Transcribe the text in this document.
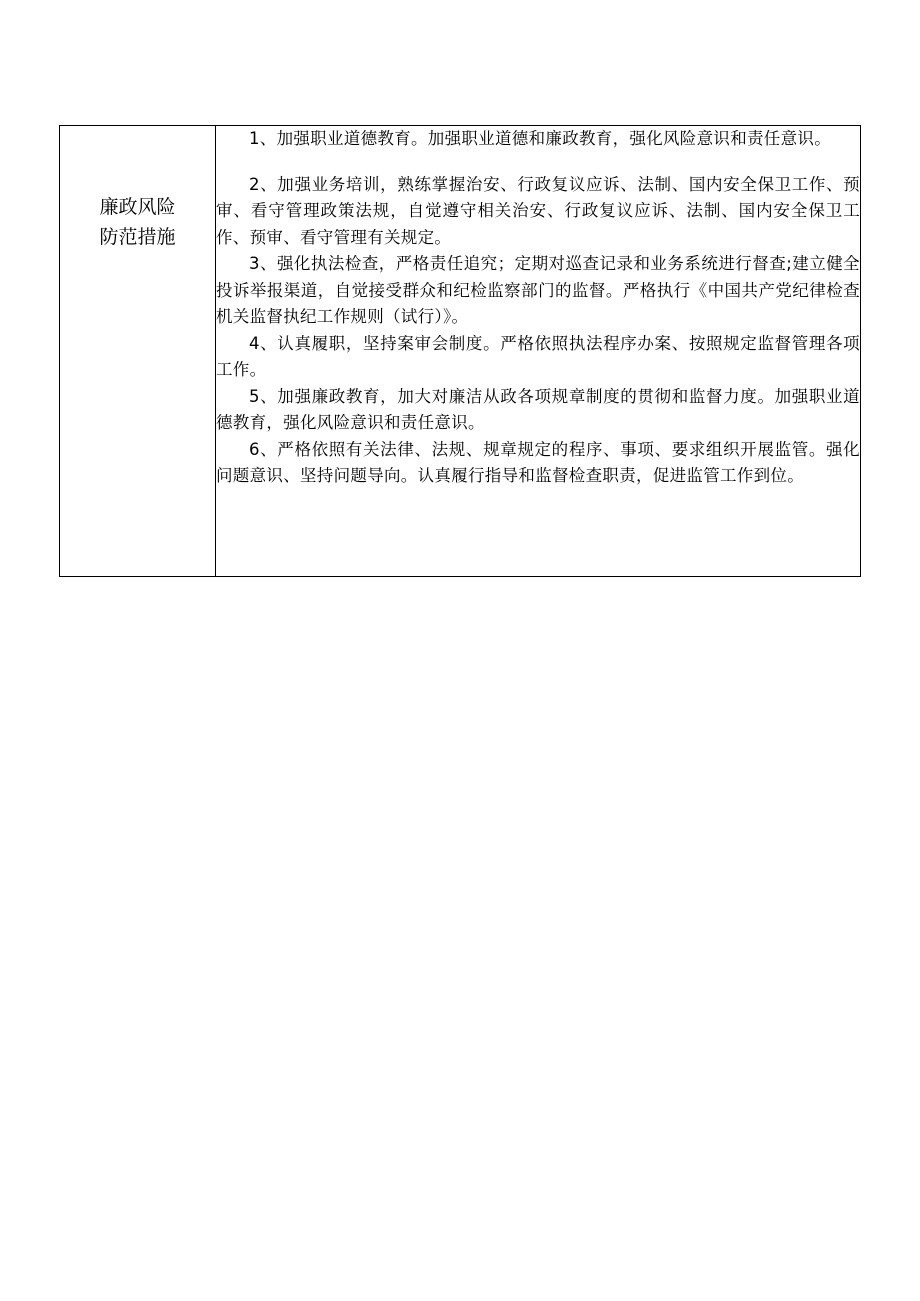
廉政风险
防范措施

1、加强职业道德教育。加强职业道德和廉政教育，强化风险意识和责任意识。

2、加强业务培训，熟练掌握治安、行政复议应诉、法制、国内安全保卫工作、预审、看守管理政策法规，自觉遵守相关治安、行政复议应诉、法制、国内安全保卫工作、预审、看守管理有关规定。

3、强化执法检查，严格责任追究；定期对巡查记录和业务系统进行督查;建立健全投诉举报渠道，自觉接受群众和纪检监察部门的监督。严格执行《中国共产党纪律检查机关监督执纪工作规则（试行）》。

4、认真履职，坚持案审会制度。严格依照执法程序办案、按照规定监督管理各项工作。

5、加强廉政教育，加大对廉洁从政各项规章制度的贯彻和监督力度。加强职业道德教育，强化风险意识和责任意识。

6、严格依照有关法律、法规、规章规定的程序、事项、要求组织开展监管。强化问题意识、坚持问题导向。认真履行指导和监督检查职责，促进监管工作到位。
